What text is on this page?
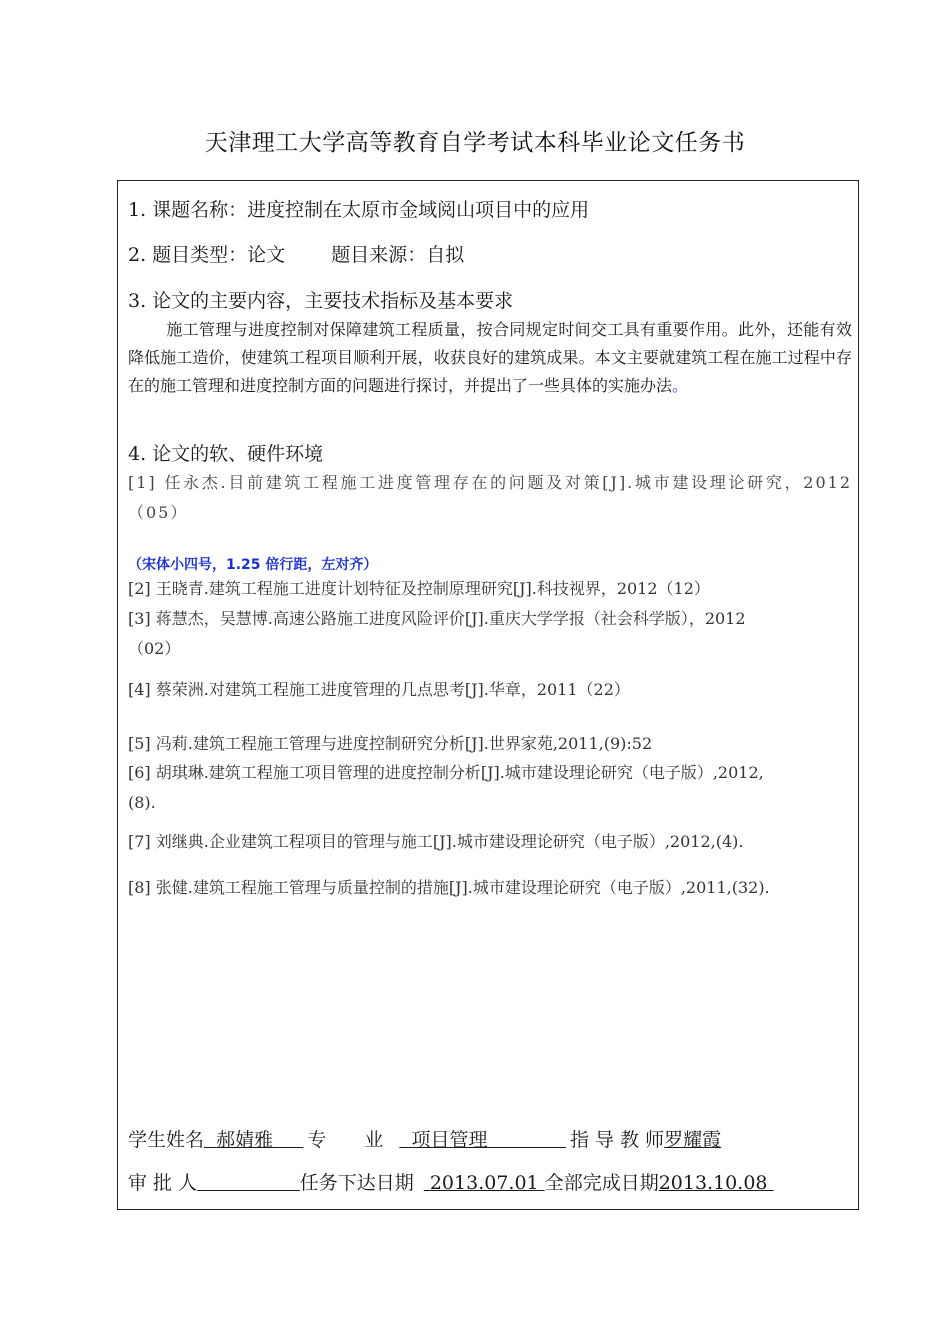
天津理工大学高等教育自学考试本科毕业论文任务书
1. 课题名称：进度控制在太原市金域阅山项目中的应用
2. 题目类型：论文 题目来源：自拟
3. 论文的主要内容，主要技术指标及基本要求
施工管理与进度控制对保障建筑工程质量，按合同规定时间交工具有重要作用。此外，还能有效降低施工造价，使建筑工程项目顺利开展，收获良好的建筑成果。本文主要就建筑工程在施工过程中存在的施工管理和进度控制方面的问题进行探讨，并提出了一些具体的实施办法。
4. 论文的软、硬件环境
[1] 任永杰.目前建筑工程施工进度管理存在的问题及对策[J].城市建设理论研究，2012（05）
（宋体小四号，1.25 倍行距，左对齐）
[2] 王晓青.建筑工程施工进度计划特征及控制原理研究[J].科技视界，2012（12）
[3] 蒋慧杰，吴慧博.高速公路施工进度风险评价[J].重庆大学学报（社会科学版），2012（02）
[4] 蔡荣洲.对建筑工程施工进度管理的几点思考[J].华章，2011（22）
[5] 冯莉.建筑工程施工管理与进度控制研究分析[J].世界家苑,2011,(9):52
[6] 胡琪琳.建筑工程施工项目管理的进度控制分析[J].城市建设理论研究（电子版）,2012,(8).
[7] 刘继典.企业建筑工程项目的管理与施工[J].城市建设理论研究（电子版）,2012,(4).
[8] 张健.建筑工程施工管理与质量控制的措施[J].城市建设理论研究（电子版）,2011,(32).
学生姓名 郝婧雅 专　　业 项目管理	指 导 教 师罗耀霞
审 批 人	任务下达日期 2013.07.01 全部完成日期2013.10.08
